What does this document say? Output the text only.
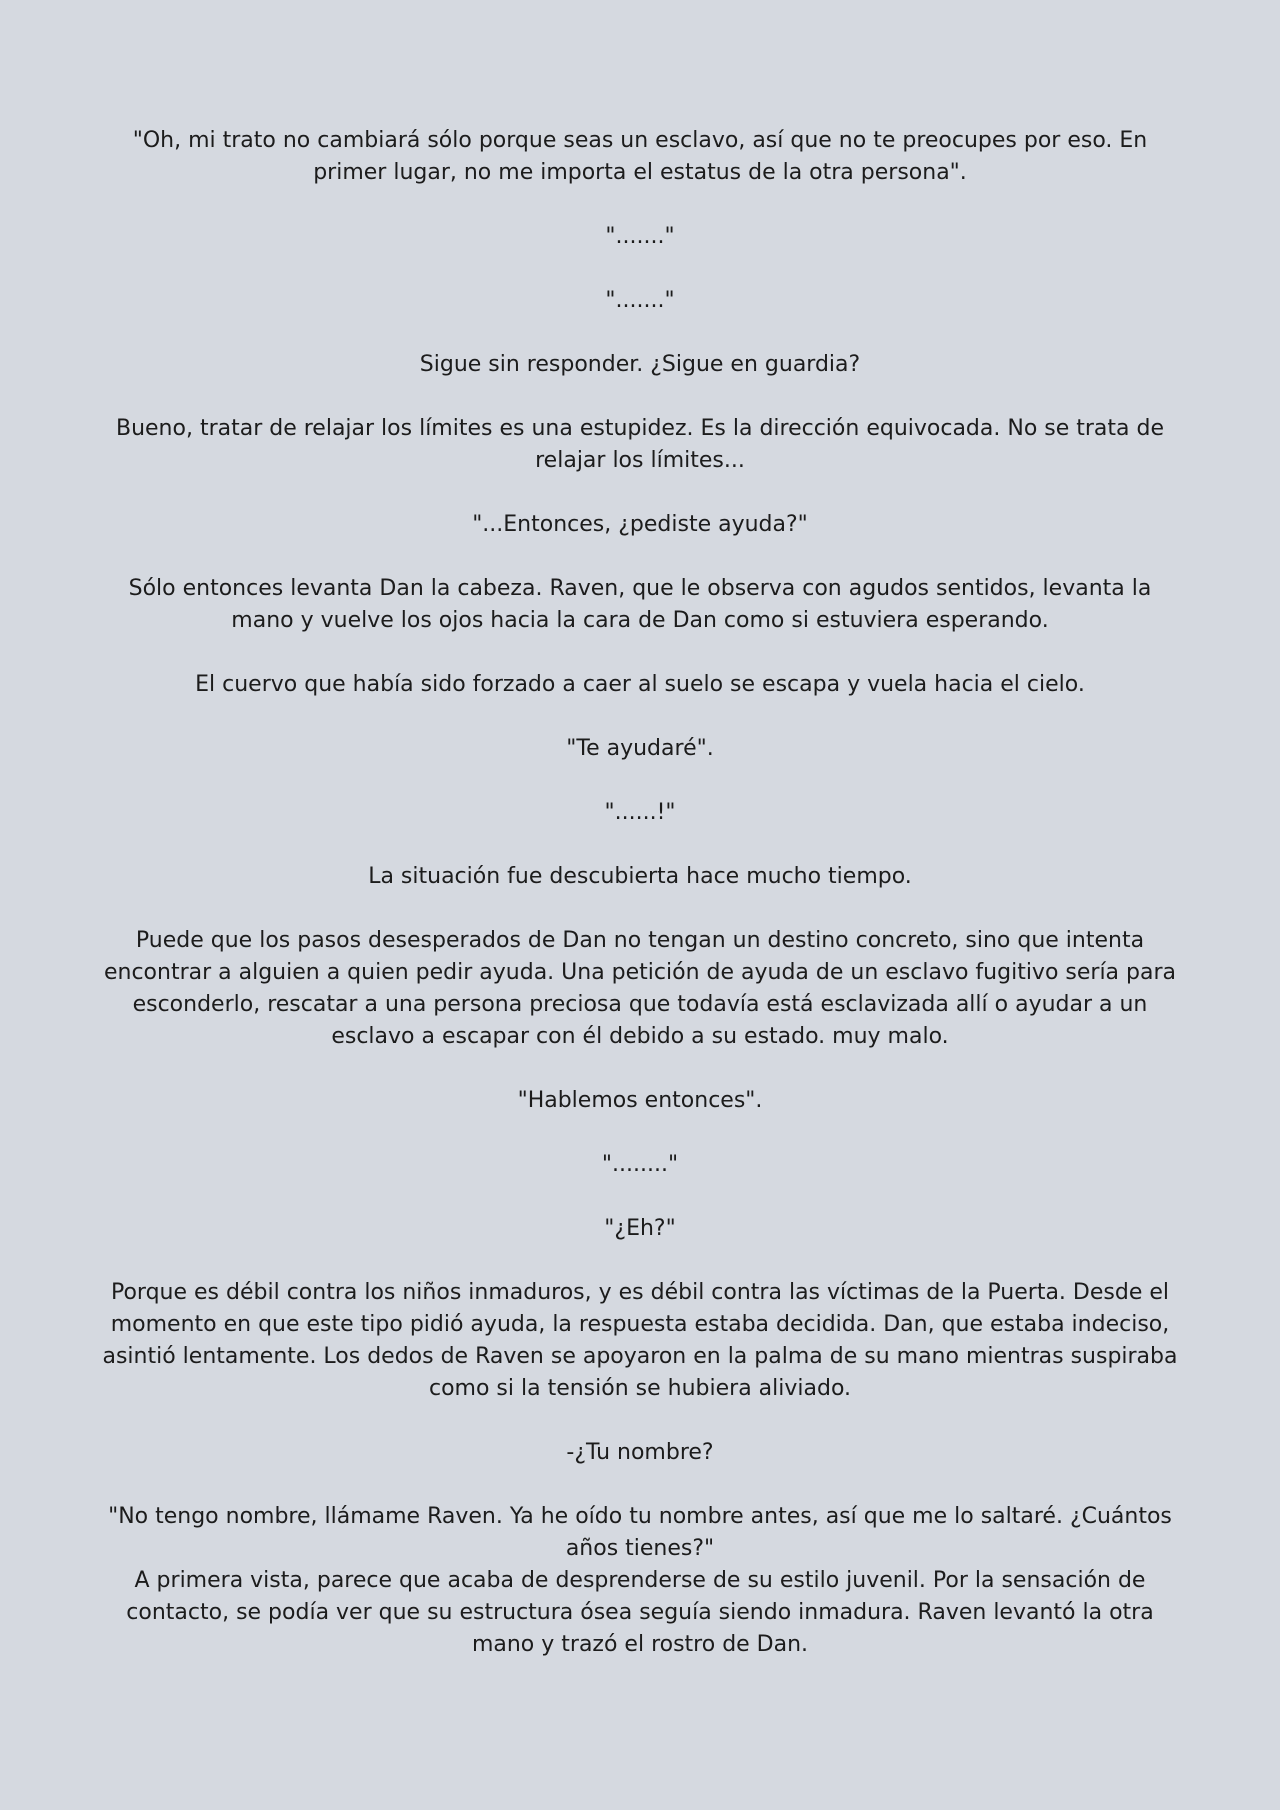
"Oh, mi trato no cambiará sólo porque seas un esclavo, así que no te preocupes por eso. En primer lugar, no me importa el estatus de la otra persona".

"......."

"......."

Sigue sin responder. ¿Sigue en guardia?

Bueno, tratar de relajar los límites es una estupidez. Es la dirección equivocada. No se trata de relajar los límites...

"...Entonces, ¿pediste ayuda?"

Sólo entonces levanta Dan la cabeza. Raven, que le observa con agudos sentidos, levanta la mano y vuelve los ojos hacia la cara de Dan como si estuviera esperando.

El cuervo que había sido forzado a caer al suelo se escapa y vuela hacia el cielo.

"Te ayudaré".

"......!"

La situación fue descubierta hace mucho tiempo.

Puede que los pasos desesperados de Dan no tengan un destino concreto, sino que intenta encontrar a alguien a quien pedir ayuda. Una petición de ayuda de un esclavo fugitivo sería para esconderlo, rescatar a una persona preciosa que todavía está esclavizada allí o ayudar a un esclavo a escapar con él debido a su estado. muy malo.

"Hablemos entonces".

"........"

"¿Eh?"

Porque es débil contra los niños inmaduros, y es débil contra las víctimas de la Puerta. Desde el momento en que este tipo pidió ayuda, la respuesta estaba decidida. Dan, que estaba indeciso, asintió lentamente. Los dedos de Raven se apoyaron en la palma de su mano mientras suspiraba como si la tensión se hubiera aliviado.

-¿Tu nombre?

"No tengo nombre, llámame Raven. Ya he oído tu nombre antes, así que me lo saltaré. ¿Cuántos años tienes?"

A primera vista, parece que acaba de desprenderse de su estilo juvenil. Por la sensación de contacto, se podía ver que su estructura ósea seguía siendo inmadura. Raven levantó la otra mano y trazó el rostro de Dan.
